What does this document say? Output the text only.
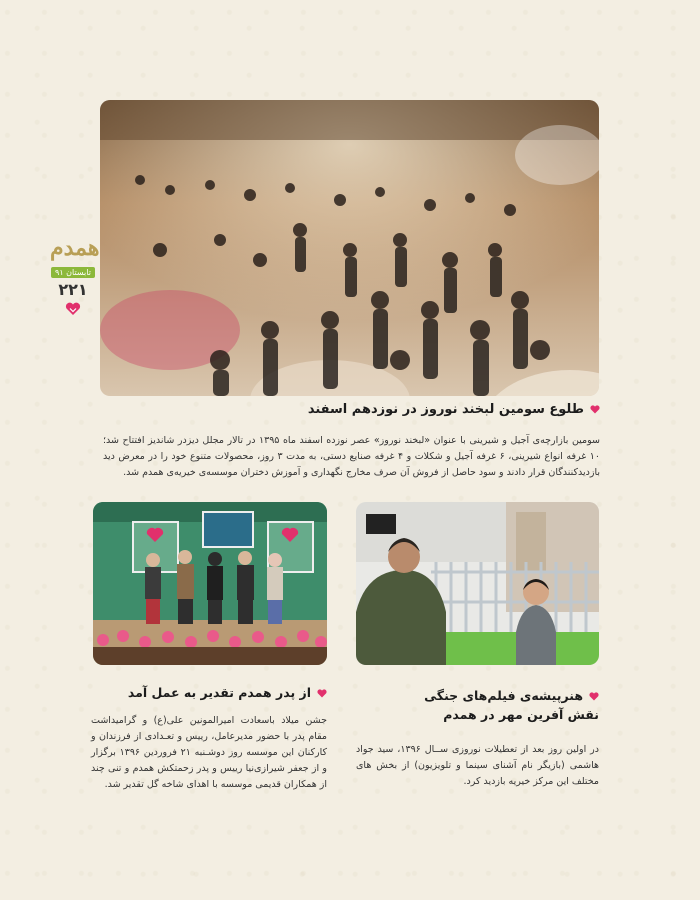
همدم
تابستان ۹۱
۲۲۱
طلوع سومین لبخند نوروز در نوزدهم اسفند
سومین بازارچه‌ی آجیل و شیرینی با عنوان «لبخند نوروز» عصر نوزده اسفند ماه ۱۳۹۵ در تالار مجلل دیزدر شاندیز افتتاح شد؛ ۱۰ غرفه انواع شیرینی، ۶ غرفه آجیل و شکلات و ۴ غرفه صنایع دستی، به مدت ۳ روز، محصولات متنوع خود را در معرض دید بازدیدکنندگان قرار دادند و سود حاصل از فروش آن صرف مخارج نگهداری و آموزش دختران موسسه‌ی خیریه‌ی همدم شد.
از پدر همدم تقدیر به عمل آمد
جشن میلاد باسعادت امیرالمونین علی(ع) و گرامیداشت مقام پدر با حضور مدیرعامل، رییس و تعـدادی از فرزندان و کارکنان این موسسه روز دوشـنبه ۲۱ فروردین ۱۳۹۶ برگزار و از جعفر شیرازی‌نیا رییس و پدر زحمتکش همدم و تنی چند از همکاران قدیمی موسسه با اهدای شاخه گل تقدیر شد.
هنرپیشه‌ی فیلم‌های جنگی
نقش آفرین مهر در همدم
در اولین روز بعد از تعطیلات نوروزی ســال ۱۳۹۶، سید جواد هاشمی (بازیگر نام آشنای سینما و تلویزیون) از بخش های مختلف این مرکز خیریه بازدید کرد.
